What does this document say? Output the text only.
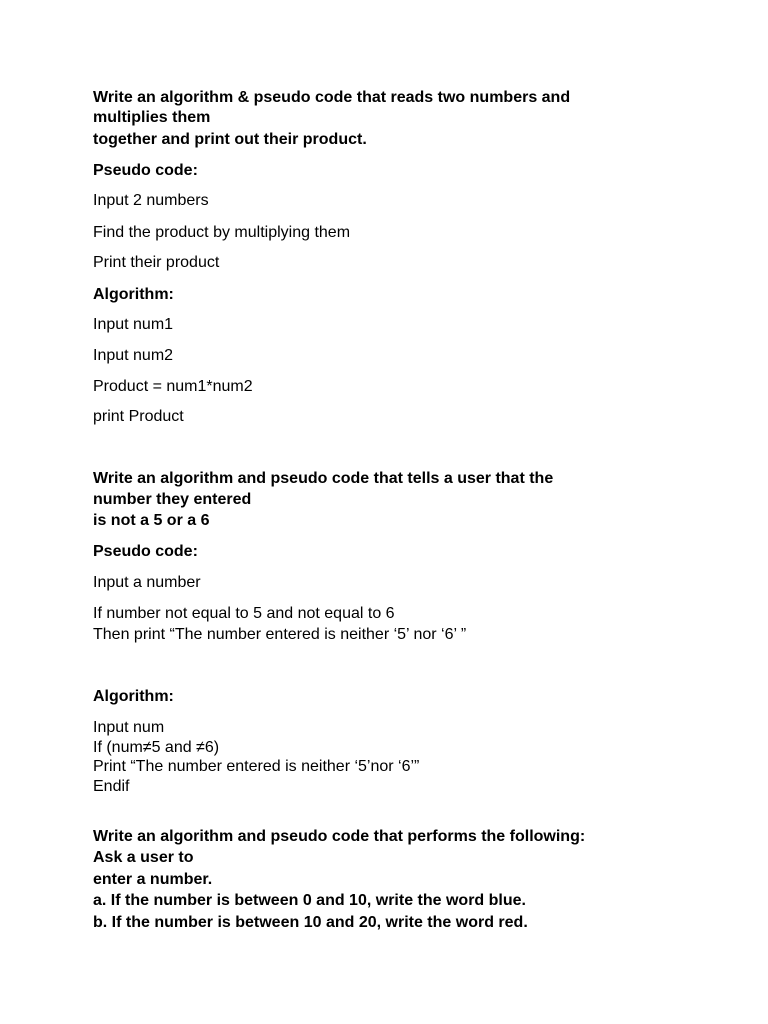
Write an algorithm & pseudo code that reads two numbers and

multiplies them

together and print out their product.

Pseudo code:

Input 2 numbers

Find the product by multiplying them

Print their product

Algorithm:

Input num1

Input num2

Product = num1*num2

print Product

Write an algorithm and pseudo code that tells a user that the

number they entered

is not a 5 or a 6

Pseudo code:

Input a number

If number not equal to 5 and not equal to 6

Then print “The number entered is neither ‘5’ nor ‘6’ ”

Algorithm:

Input num

If (num≠5 and ≠6)

Print “The number entered is neither ‘5’nor ‘6’”

Endif

Write an algorithm and pseudo code that performs the following:

Ask a user to

enter a number.

a. If the number is between 0 and 10, write the word blue.

b. If the number is between 10 and 20, write the word red.
